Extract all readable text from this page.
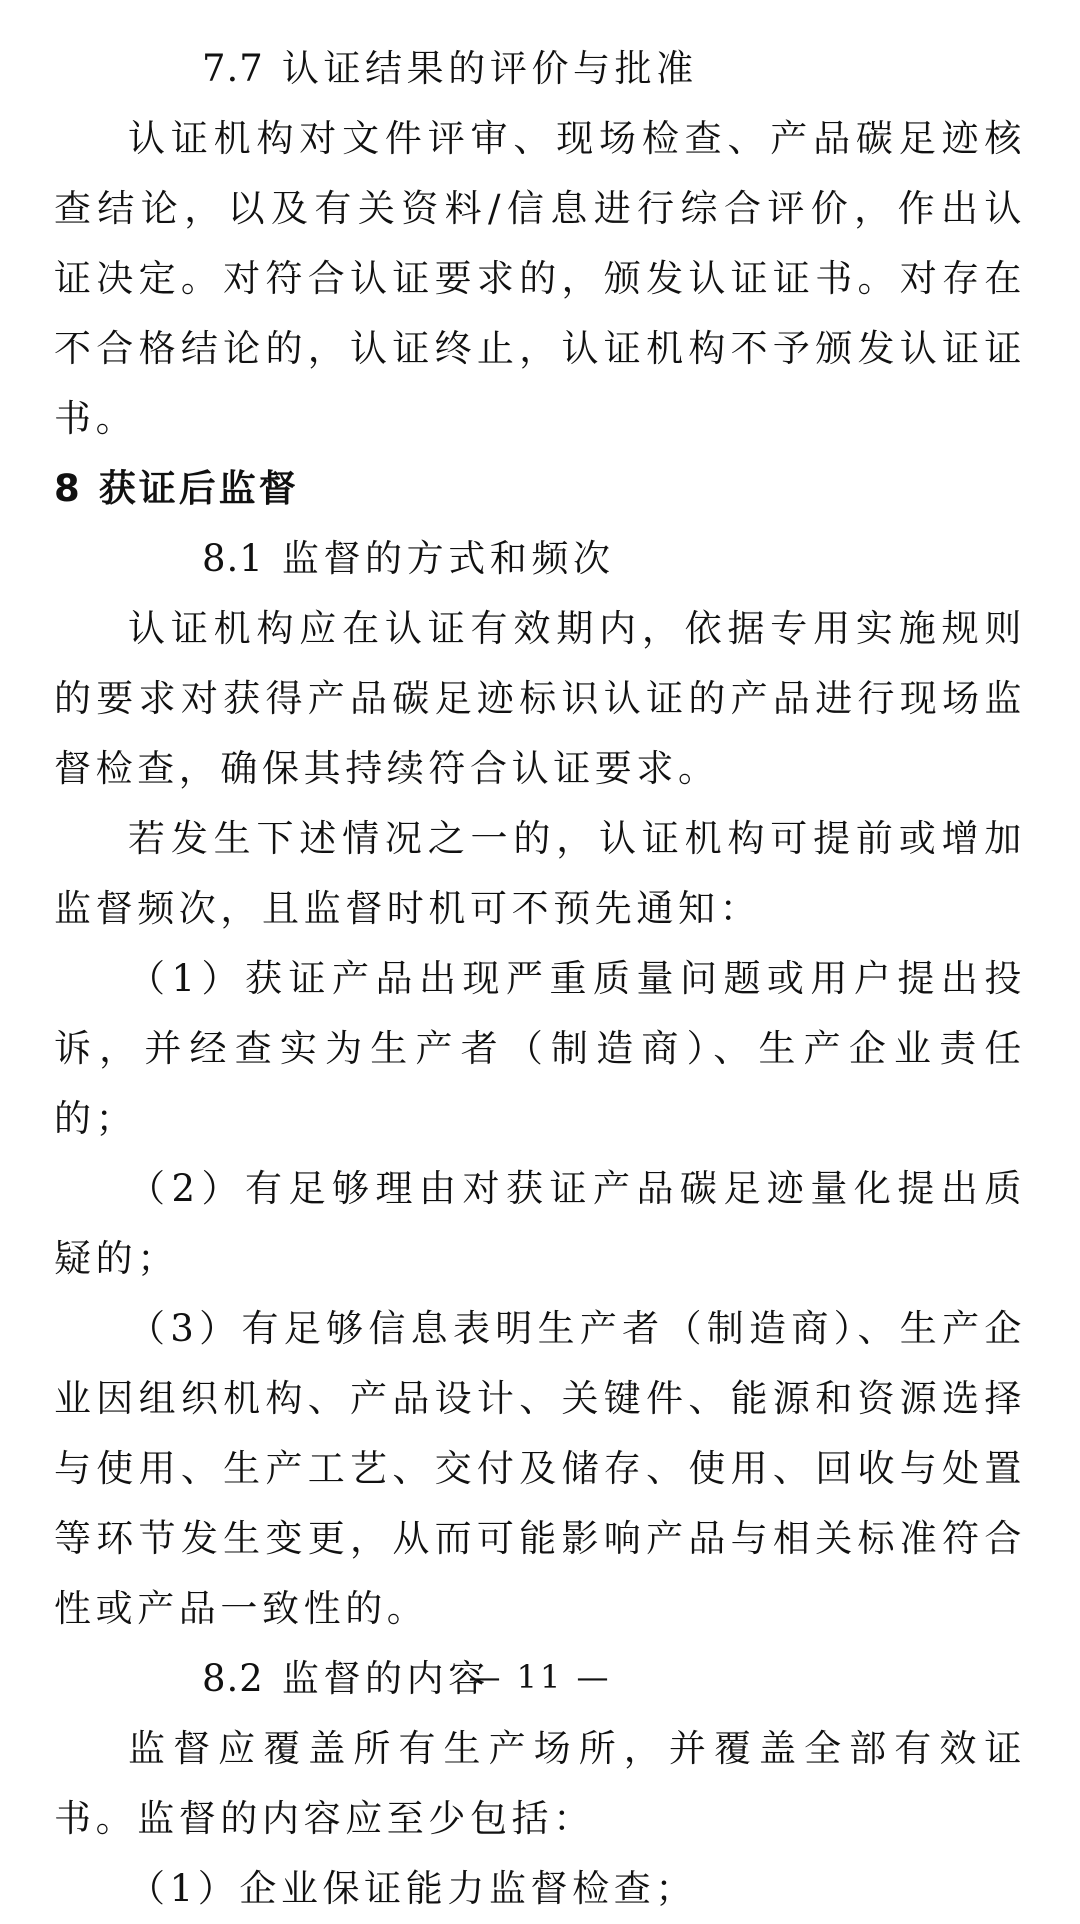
7.7 认证结果的评价与批准

认证机构对文件评审、现场检查、产品碳足迹核查结论，以及有关资料/信息进行综合评价，作出认证决定。对符合认证要求的，颁发认证证书。对存在不合格结论的，认证终止，认证机构不予颁发认证证书。

8 获证后监督

8.1 监督的方式和频次

认证机构应在认证有效期内，依据专用实施规则的要求对获得产品碳足迹标识认证的产品进行现场监督检查，确保其持续符合认证要求。

若发生下述情况之一的，认证机构可提前或增加监督频次，且监督时机可不预先通知：

（1）获证产品出现严重质量问题或用户提出投诉，并经查实为生产者（制造商）、生产企业责任的；

（2）有足够理由对获证产品碳足迹量化提出质疑的；

（3）有足够信息表明生产者（制造商）、生产企业因组织机构、产品设计、关键件、能源和资源选择与使用、生产工艺、交付及储存、使用、回收与处置等环节发生变更，从而可能影响产品与相关标准符合性或产品一致性的。

8.2 监督的内容

监督应覆盖所有生产场所，并覆盖全部有效证书。监督的内容应至少包括：

（1）企业保证能力监督检查；

— 11 —
